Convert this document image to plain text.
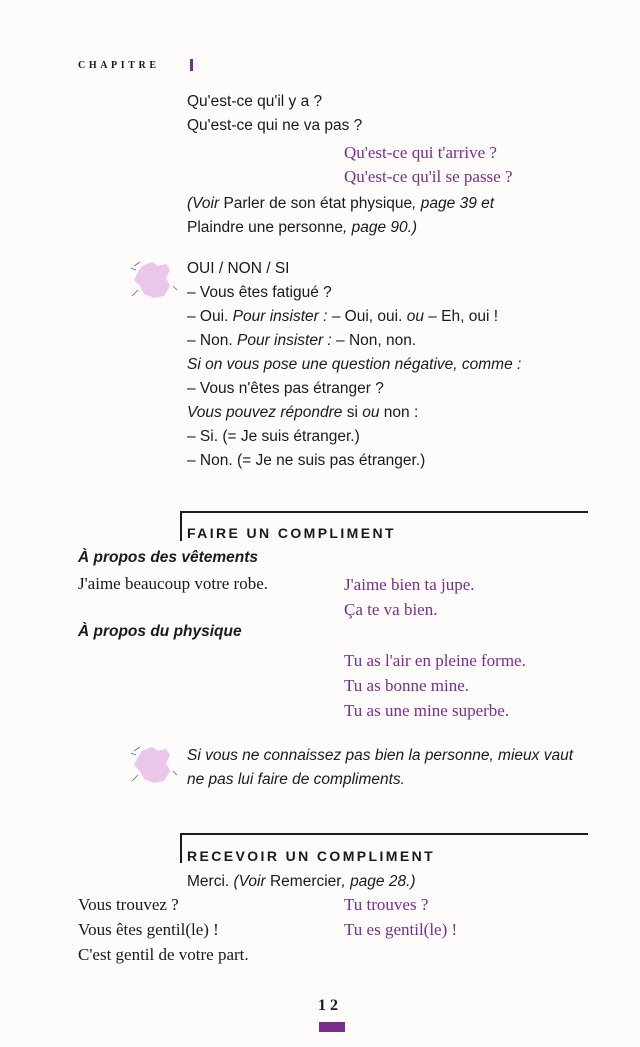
CHAPITRE
Qu'est-ce qu'il y a ?
Qu'est-ce qui ne va pas ?
Qu'est-ce qui t'arrive ?
Qu'est-ce qu'il se passe ?
(Voir Parler de son état physique, page 39 et
Plaindre une personne, page 90.)
OUI / NON / SI
– Vous êtes fatigué ?
– Oui. Pour insister : – Oui, oui. ou – Eh, oui !
– Non. Pour insister : – Non, non.
Si on vous pose une question négative, comme :
– Vous n'êtes pas étranger ?
Vous pouvez répondre si ou non :
– Si. (= Je suis étranger.)
– Non. (= Je ne suis pas étranger.)
FAIRE UN COMPLIMENT
À propos des vêtements
J'aime beaucoup votre robe.	J'aime bien ta jupe.
Ça te va bien.
À propos du physique
Tu as l'air en pleine forme.
Tu as bonne mine.
Tu as une mine superbe.
Si vous ne connaissez pas bien la personne, mieux vaut
ne pas lui faire de compliments.
RECEVOIR UN COMPLIMENT
Merci. (Voir Remercier, page 28.)
Vous trouvez ?	Tu trouves ?
Vous êtes gentil(le) !	Tu es gentil(le) !
C'est gentil de votre part.
12
